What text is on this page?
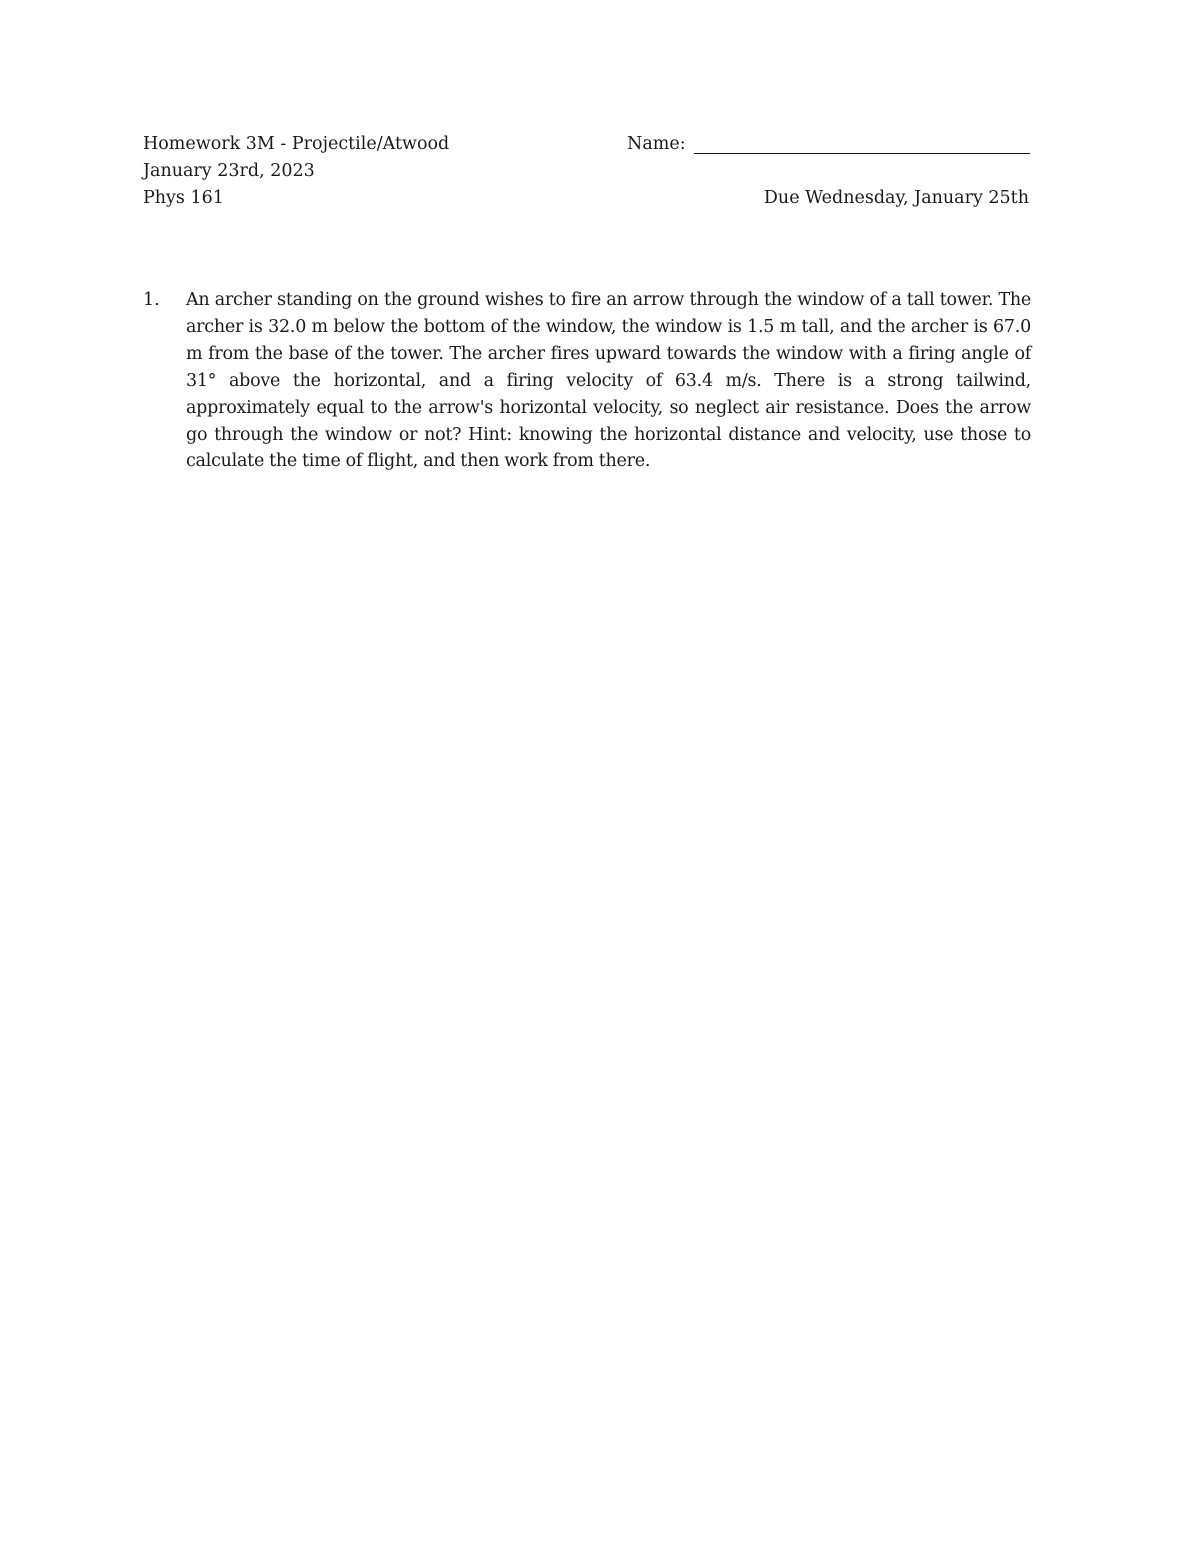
Homework 3M - Projectile/Atwood
January 23rd, 2023
Phys 161
Name:
Due Wednesday, January 25th
1.	An archer standing on the ground wishes to fire an arrow through the window of a tall tower. The archer is 32.0 m below the bottom of the window, the window is 1.5 m tall, and the archer is 67.0 m from the base of the tower. The archer fires upward towards the window with a firing angle of 31° above the horizontal, and a firing velocity of 63.4 m/s. There is a strong tailwind, approximately equal to the arrow's horizontal velocity, so neglect air resistance. Does the arrow go through the window or not? Hint: knowing the horizontal distance and velocity, use those to calculate the time of flight, and then work from there.
